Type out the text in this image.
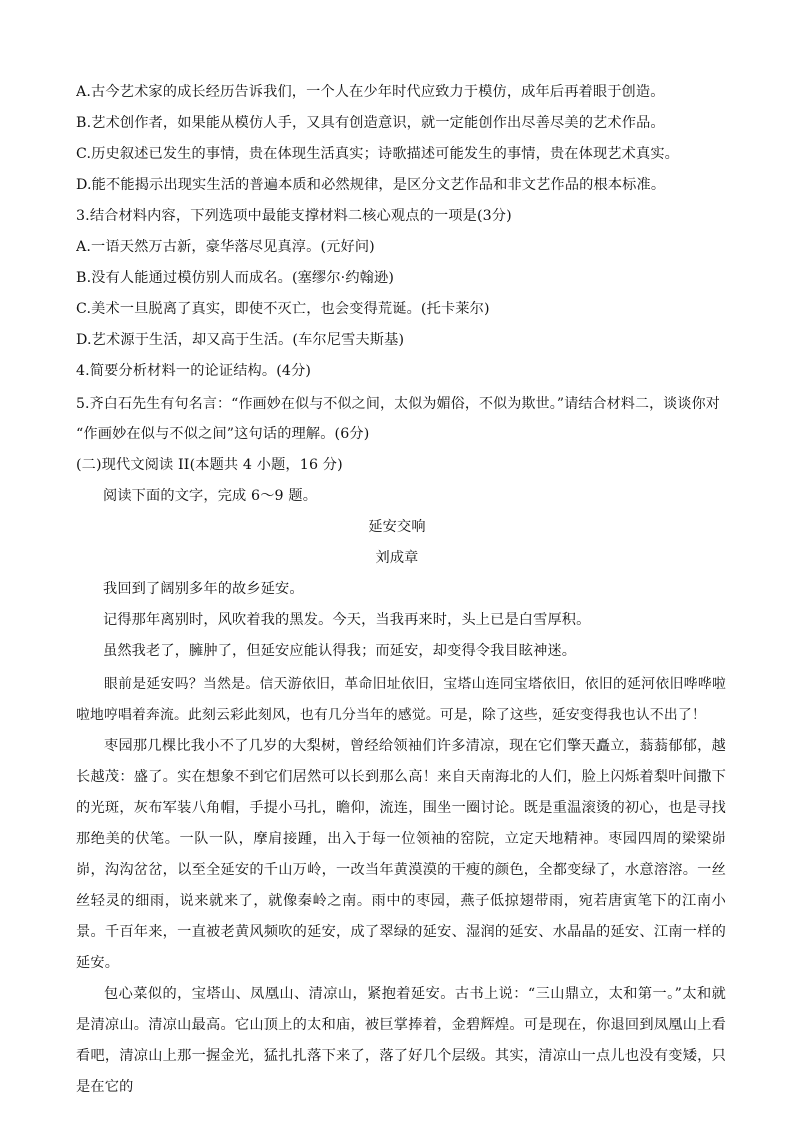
A.古今艺术家的成长经历告诉我们，一个人在少年时代应致力于模仿，成年后再着眼于创造。
B.艺术创作者，如果能从模仿人手，又具有创造意识，就一定能创作出尽善尽美的艺术作品。
C.历史叙述已发生的事情，贵在体现生活真实；诗歌描述可能发生的事情，贵在体现艺术真实。
D.能不能揭示出现实生活的普遍本质和必然规律，是区分文艺作品和非文艺作品的根本标准。
3.结合材料内容，下列选项中最能支撑材料二核心观点的一项是(3分)
A.一语天然万古新，豪华落尽见真淳。(元好问)
B.没有人能通过模仿别人而成名。(塞缪尔·约翰逊)
C.美术一旦脱离了真实，即使不灭亡，也会变得荒诞。(托卡莱尔)
D.艺术源于生活，却又高于生活。(车尔尼雪夫斯基)
4.简要分析材料一的论证结构。(4分)
5.齐白石先生有句名言：“作画妙在似与不似之间，太似为媚俗，不似为欺世。”请结合材料二，谈谈你对
“作画妙在似与不似之间”这句话的理解。(6分)
(二)现代文阅读 II(本题共 4 小题，16 分)
阅读下面的文字，完成 6～9 题。
延安交响
刘成章
我回到了阔别多年的故乡延安。
记得那年离别时，风吹着我的黑发。今天，当我再来时，头上已是白雪厚积。
虽然我老了，臃肿了，但延安应能认得我；而延安，却变得令我目眩神迷。
眼前是延安吗？当然是。信天游依旧，革命旧址依旧，宝塔山连同宝塔依旧，依旧的延河依旧哗哗啦啦地哼唱着奔流。此刻云彩此刻风，也有几分当年的感觉。可是，除了这些，延安变得我也认不出了！
枣园那几棵比我小不了几岁的大梨树，曾经给领袖们许多清凉，现在它们擎天矗立，蓊蓊郁郁，越长越茂：盛了。实在想象不到它们居然可以长到那么高！来自天南海北的人们，脸上闪烁着梨叶间撒下的光斑，灰布军装八角帽，手提小马扎，瞻仰，流连，围坐一圈讨论。既是重温滚烫的初心，也是寻找那绝美的伏笔。一队一队，摩肩接踵，出入于每一位领袖的窑院，立定天地精神。枣园四周的梁梁峁峁，沟沟岔岔，以至全延安的千山万岭，一改当年黄漠漠的干瘦的颜色，全都变绿了，水意溶溶。一丝丝轻灵的细雨，说来就来了，就像秦岭之南。雨中的枣园，燕子低掠翅带雨，宛若唐寅笔下的江南小景。千百年来，一直被老黄风频吹的延安，成了翠绿的延安、湿润的延安、水晶晶的延安、江南一样的延安。
包心菜似的，宝塔山、凤凰山、清凉山，紧抱着延安。古书上说：“三山鼎立，太和第一。”太和就是清凉山。清凉山最高。它山顶上的太和庙，被巨掌捧着，金碧辉煌。可是现在，你退回到凤凰山上看看吧，清凉山上那一握金光，猛扎扎落下来了，落了好几个层级。其实，清凉山一点儿也没有变矮，只是在它的
